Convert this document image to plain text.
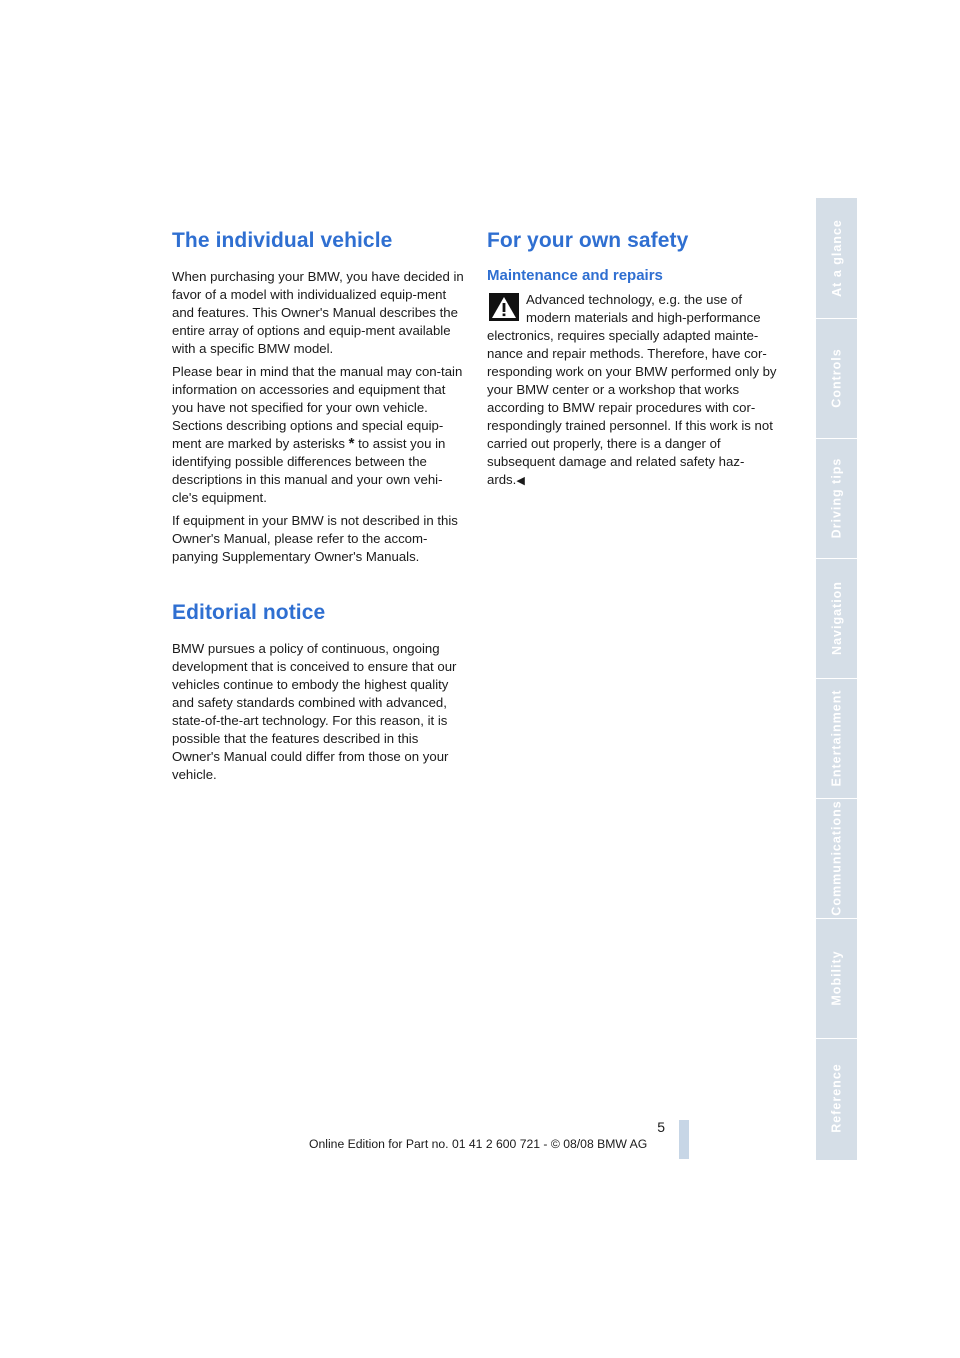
The individual vehicle

When purchasing your BMW, you have decided in favor of a model with individualized equip-ment and features. This Owner's Manual describes the entire array of options and equip-ment available with a specific BMW model.

Please bear in mind that the manual may con-tain information on accessories and equipment that you have not specified for your own vehicle. Sections describing options and special equip-ment are marked by asterisks * to assist you in identifying possible differences between the descriptions in this manual and your own vehi-cle's equipment.

If equipment in your BMW is not described in this Owner's Manual, please refer to the accom-panying Supplementary Owner's Manuals.

Editorial notice

BMW pursues a policy of continuous, ongoing development that is conceived to ensure that our vehicles continue to embody the highest quality and safety standards combined with advanced, state-of-the-art technology. For this reason, it is possible that the features described in this Owner's Manual could differ from those on your vehicle.

For your own safety
Maintenance and repairs

Advanced technology, e.g. the use of modern materials and high-performance electronics, requires specially adapted mainte-nance and repair methods. Therefore, have cor-responding work on your BMW performed only by your BMW center or a workshop that works according to BMW repair procedures with cor-respondingly trained personnel. If this work is not carried out properly, there is a danger of subsequent damage and related safety haz-ards.◀

At a glance
Controls
Driving tips
Navigation
Entertainment
Communications
Mobility
Reference
5
Online Edition for Part no. 01 41 2 600 721 - © 08/08 BMW AG
